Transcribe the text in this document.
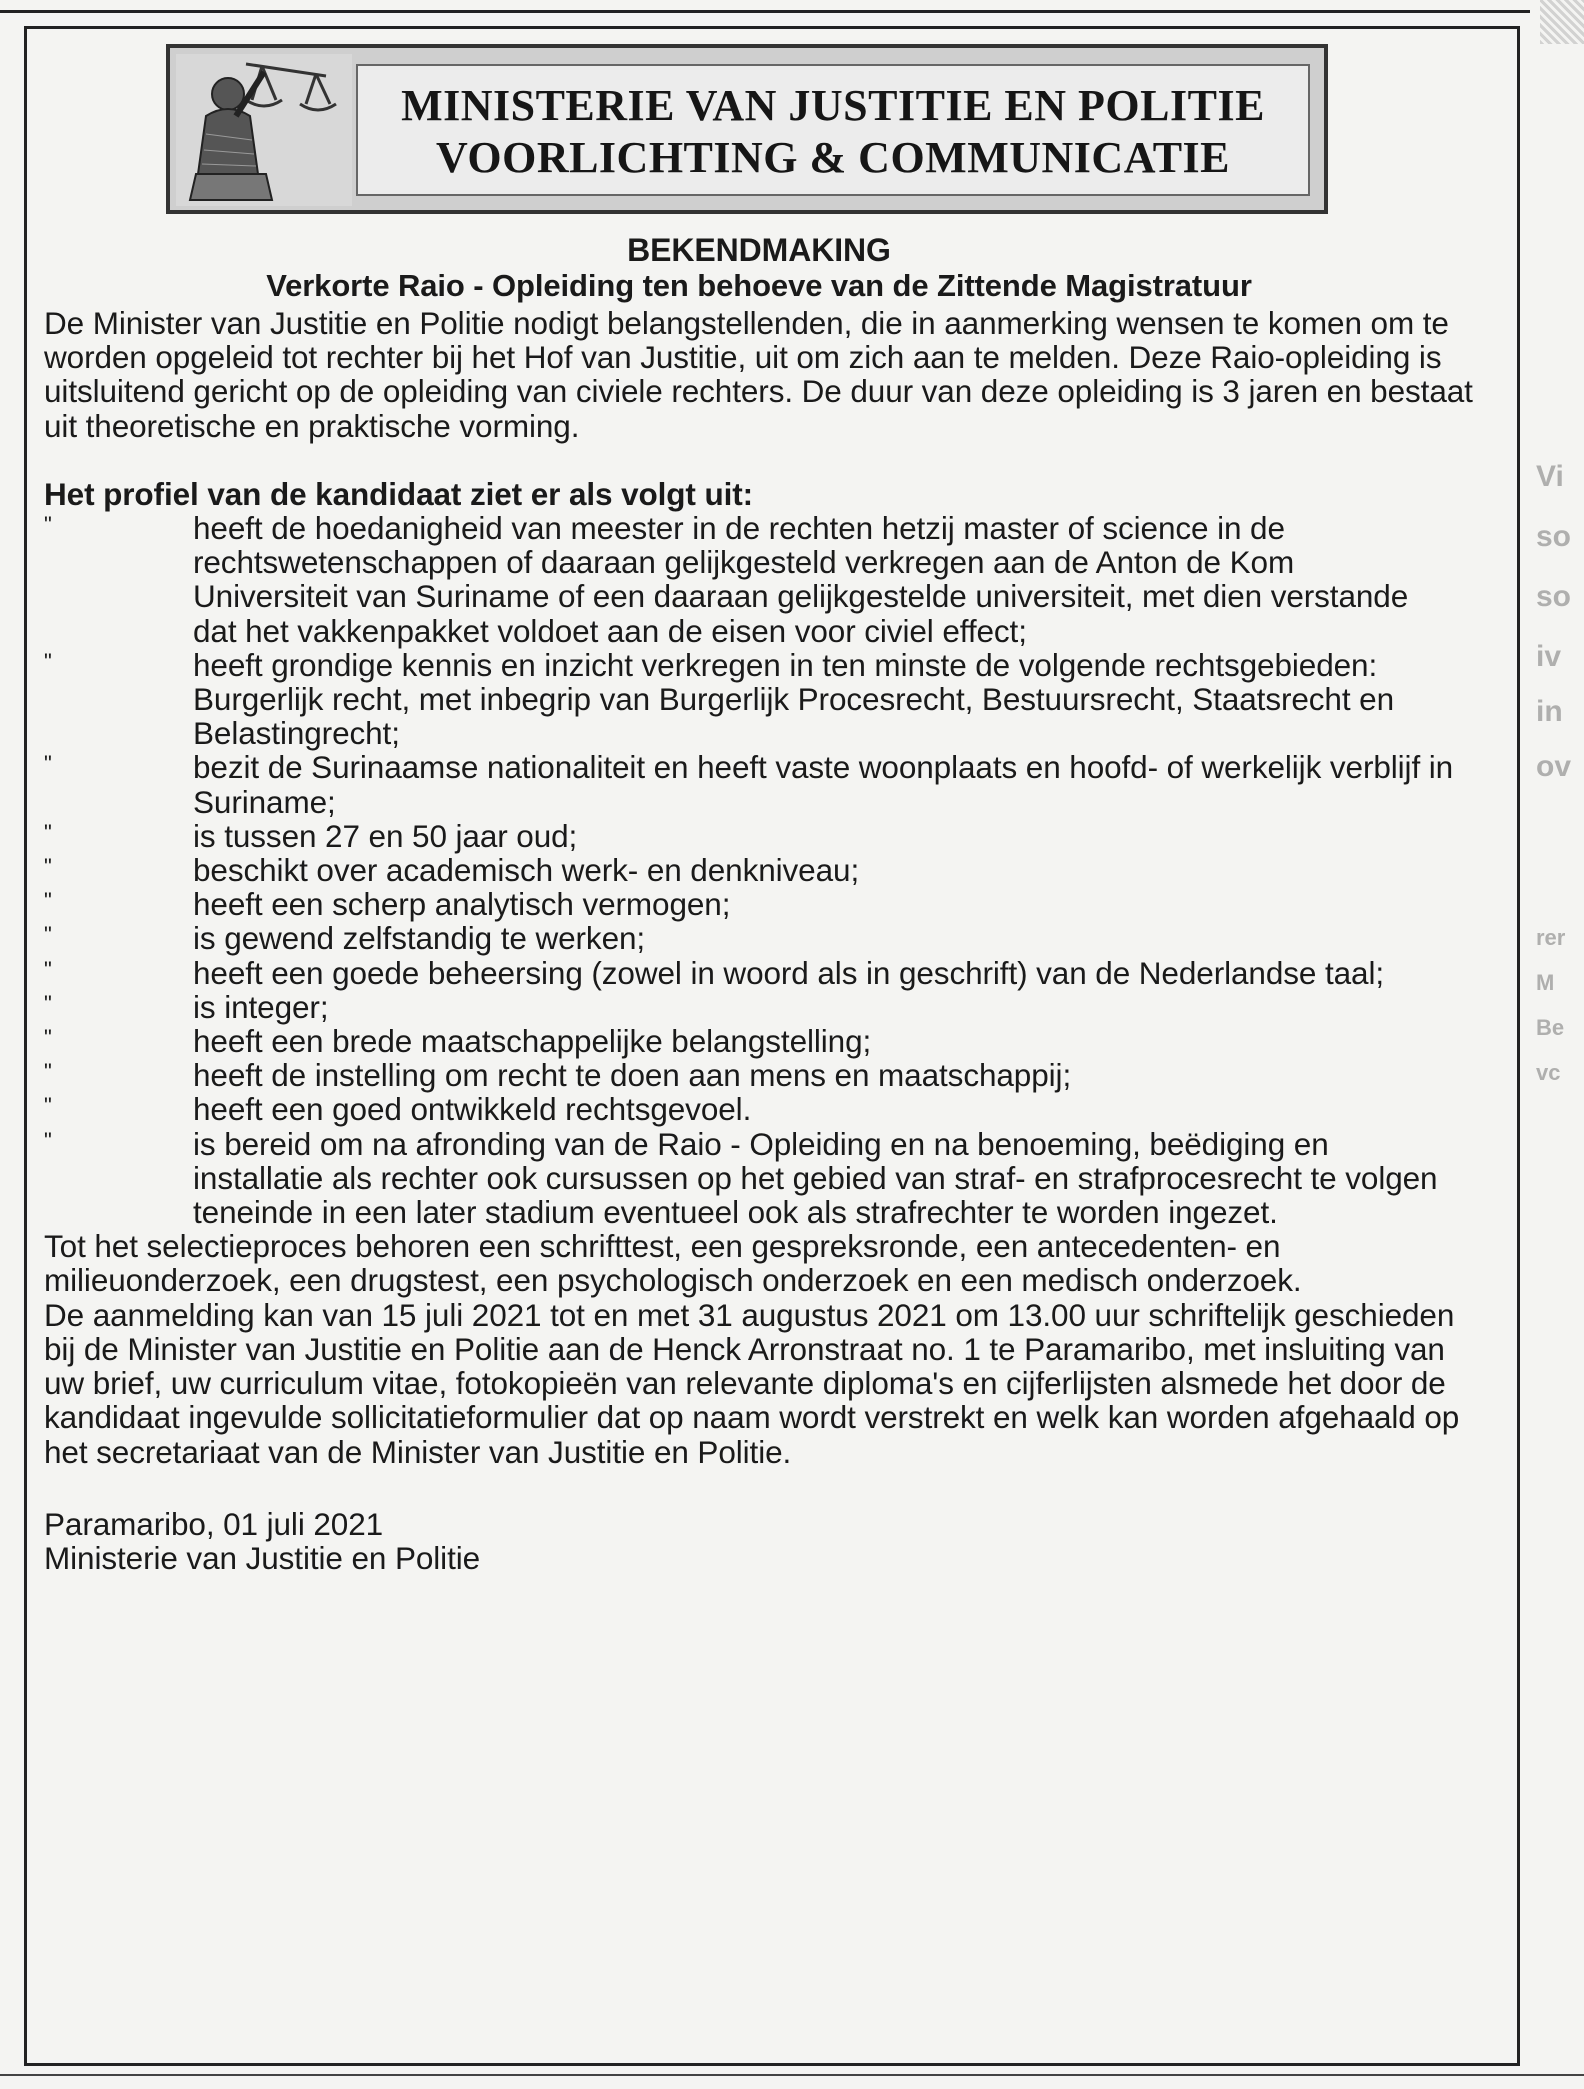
MINISTERIE VAN JUSTITIE EN POLITIE
VOORLICHTING & COMMUNICATIE
BEKENDMAKING
Verkorte Raio - Opleiding ten behoeve van de Zittende Magistratuur

De Minister van Justitie en Politie nodigt belangstellenden, die in aanmerking wensen te komen om te worden opgeleid tot rechter bij het Hof van Justitie, uit om zich aan te melden. Deze Raio-opleiding is uitsluitend gericht op de opleiding van civiele rechters. De duur van deze opleiding is 3 jaren en bestaat uit theoretische en praktische vorming.

Het profiel van de kandidaat ziet er als volgt uit:

"	heeft de hoedanigheid van meester in de rechten hetzij master of science in de rechtswetenschappen of daaraan gelijkgesteld verkregen aan de Anton de Kom Universiteit van Suriname of een daaraan gelijkgestelde universiteit, met dien verstande dat het vakkenpakket voldoet aan de eisen voor civiel effect;
"	heeft grondige kennis en inzicht verkregen in ten minste de volgende rechtsgebieden: Burgerlijk recht, met inbegrip van Burgerlijk Procesrecht, Bestuursrecht, Staatsrecht en Belastingrecht;
"	bezit de Surinaamse nationaliteit en heeft vaste woonplaats en hoofd- of werkelijk verblijf in Suriname;
"	is tussen 27 en 50 jaar oud;
"	beschikt over academisch werk- en denkniveau;
"	heeft een scherp analytisch vermogen;
"	is gewend zelfstandig te werken;
"	heeft een goede beheersing (zowel in woord als in geschrift) van de Nederlandse taal;
"	is integer;
"	heeft een brede maatschappelijke belangstelling;
"	heeft de instelling om recht te doen aan mens en maatschappij;
"	heeft een goed ontwikkeld rechtsgevoel.
"	is bereid om na afronding van de Raio - Opleiding en na benoeming, beëdiging en installatie als rechter ook cursussen op het gebied van straf- en strafprocesrecht te volgen teneinde in een later stadium eventueel ook als strafrechter te worden ingezet.

Tot het selectieproces behoren een schrifttest, een gespreksronde, een antecedenten- en milieuonderzoek, een drugstest, een psychologisch onderzoek en een medisch onderzoek.

De aanmelding kan van 15 juli 2021 tot en met 31 augustus 2021 om 13.00 uur schriftelijk geschieden bij de Minister van Justitie en Politie aan de Henck Arronstraat no. 1 te Paramaribo, met insluiting van uw brief, uw curriculum vitae, fotokopieën van relevante diploma's en cijferlijsten alsmede het door de kandidaat ingevulde sollicitatieformulier dat op naam wordt verstrekt en welk kan worden afgehaald op het secretariaat van de Minister van Justitie en Politie.

Paramaribo, 01 juli 2021

Ministerie van Justitie en Politie

Vi
so
so
iv
in
ov
rer
M
Be
vc
